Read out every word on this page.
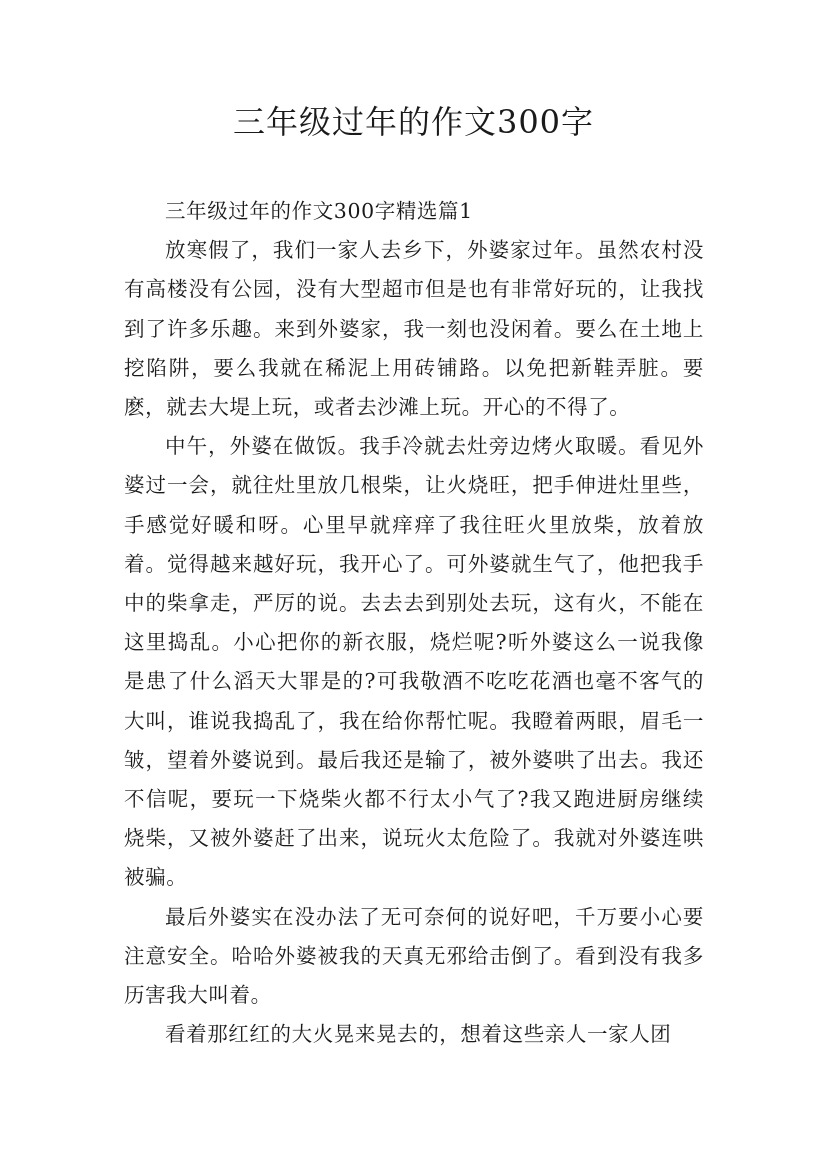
三年级过年的作文300字

三年级过年的作文300字精选篇1

放寒假了，我们一家人去乡下，外婆家过年。虽然农村没有高楼没有公园，没有大型超市但是也有非常好玩的，让我找到了许多乐趣。来到外婆家，我一刻也没闲着。要么在土地上挖陷阱，要么我就在稀泥上用砖铺路。以免把新鞋弄脏。要麽，就去大堤上玩，或者去沙滩上玩。开心的不得了。

中午，外婆在做饭。我手冷就去灶旁边烤火取暖。看见外婆过一会，就往灶里放几根柴，让火烧旺，把手伸进灶里些，手感觉好暖和呀。心里早就痒痒了我往旺火里放柴，放着放着。觉得越来越好玩，我开心了。可外婆就生气了，他把我手中的柴拿走，严厉的说。去去去到别处去玩，这有火，不能在这里捣乱。小心把你的新衣服，烧烂呢?听外婆这么一说我像是患了什么滔天大罪是的?可我敬酒不吃吃花酒也毫不客气的大叫，谁说我捣乱了，我在给你帮忙呢。我瞪着两眼，眉毛一皱，望着外婆说到。最后我还是输了，被外婆哄了出去。我还不信呢，要玩一下烧柴火都不行太小气了?我又跑进厨房继续烧柴，又被外婆赶了出来，说玩火太危险了。我就对外婆连哄被骗。

最后外婆实在没办法了无可奈何的说好吧，千万要小心要注意安全。哈哈外婆被我的天真无邪给击倒了。看到没有我多历害我大叫着。

看着那红红的大火晃来晃去的，想着这些亲人一家人团
